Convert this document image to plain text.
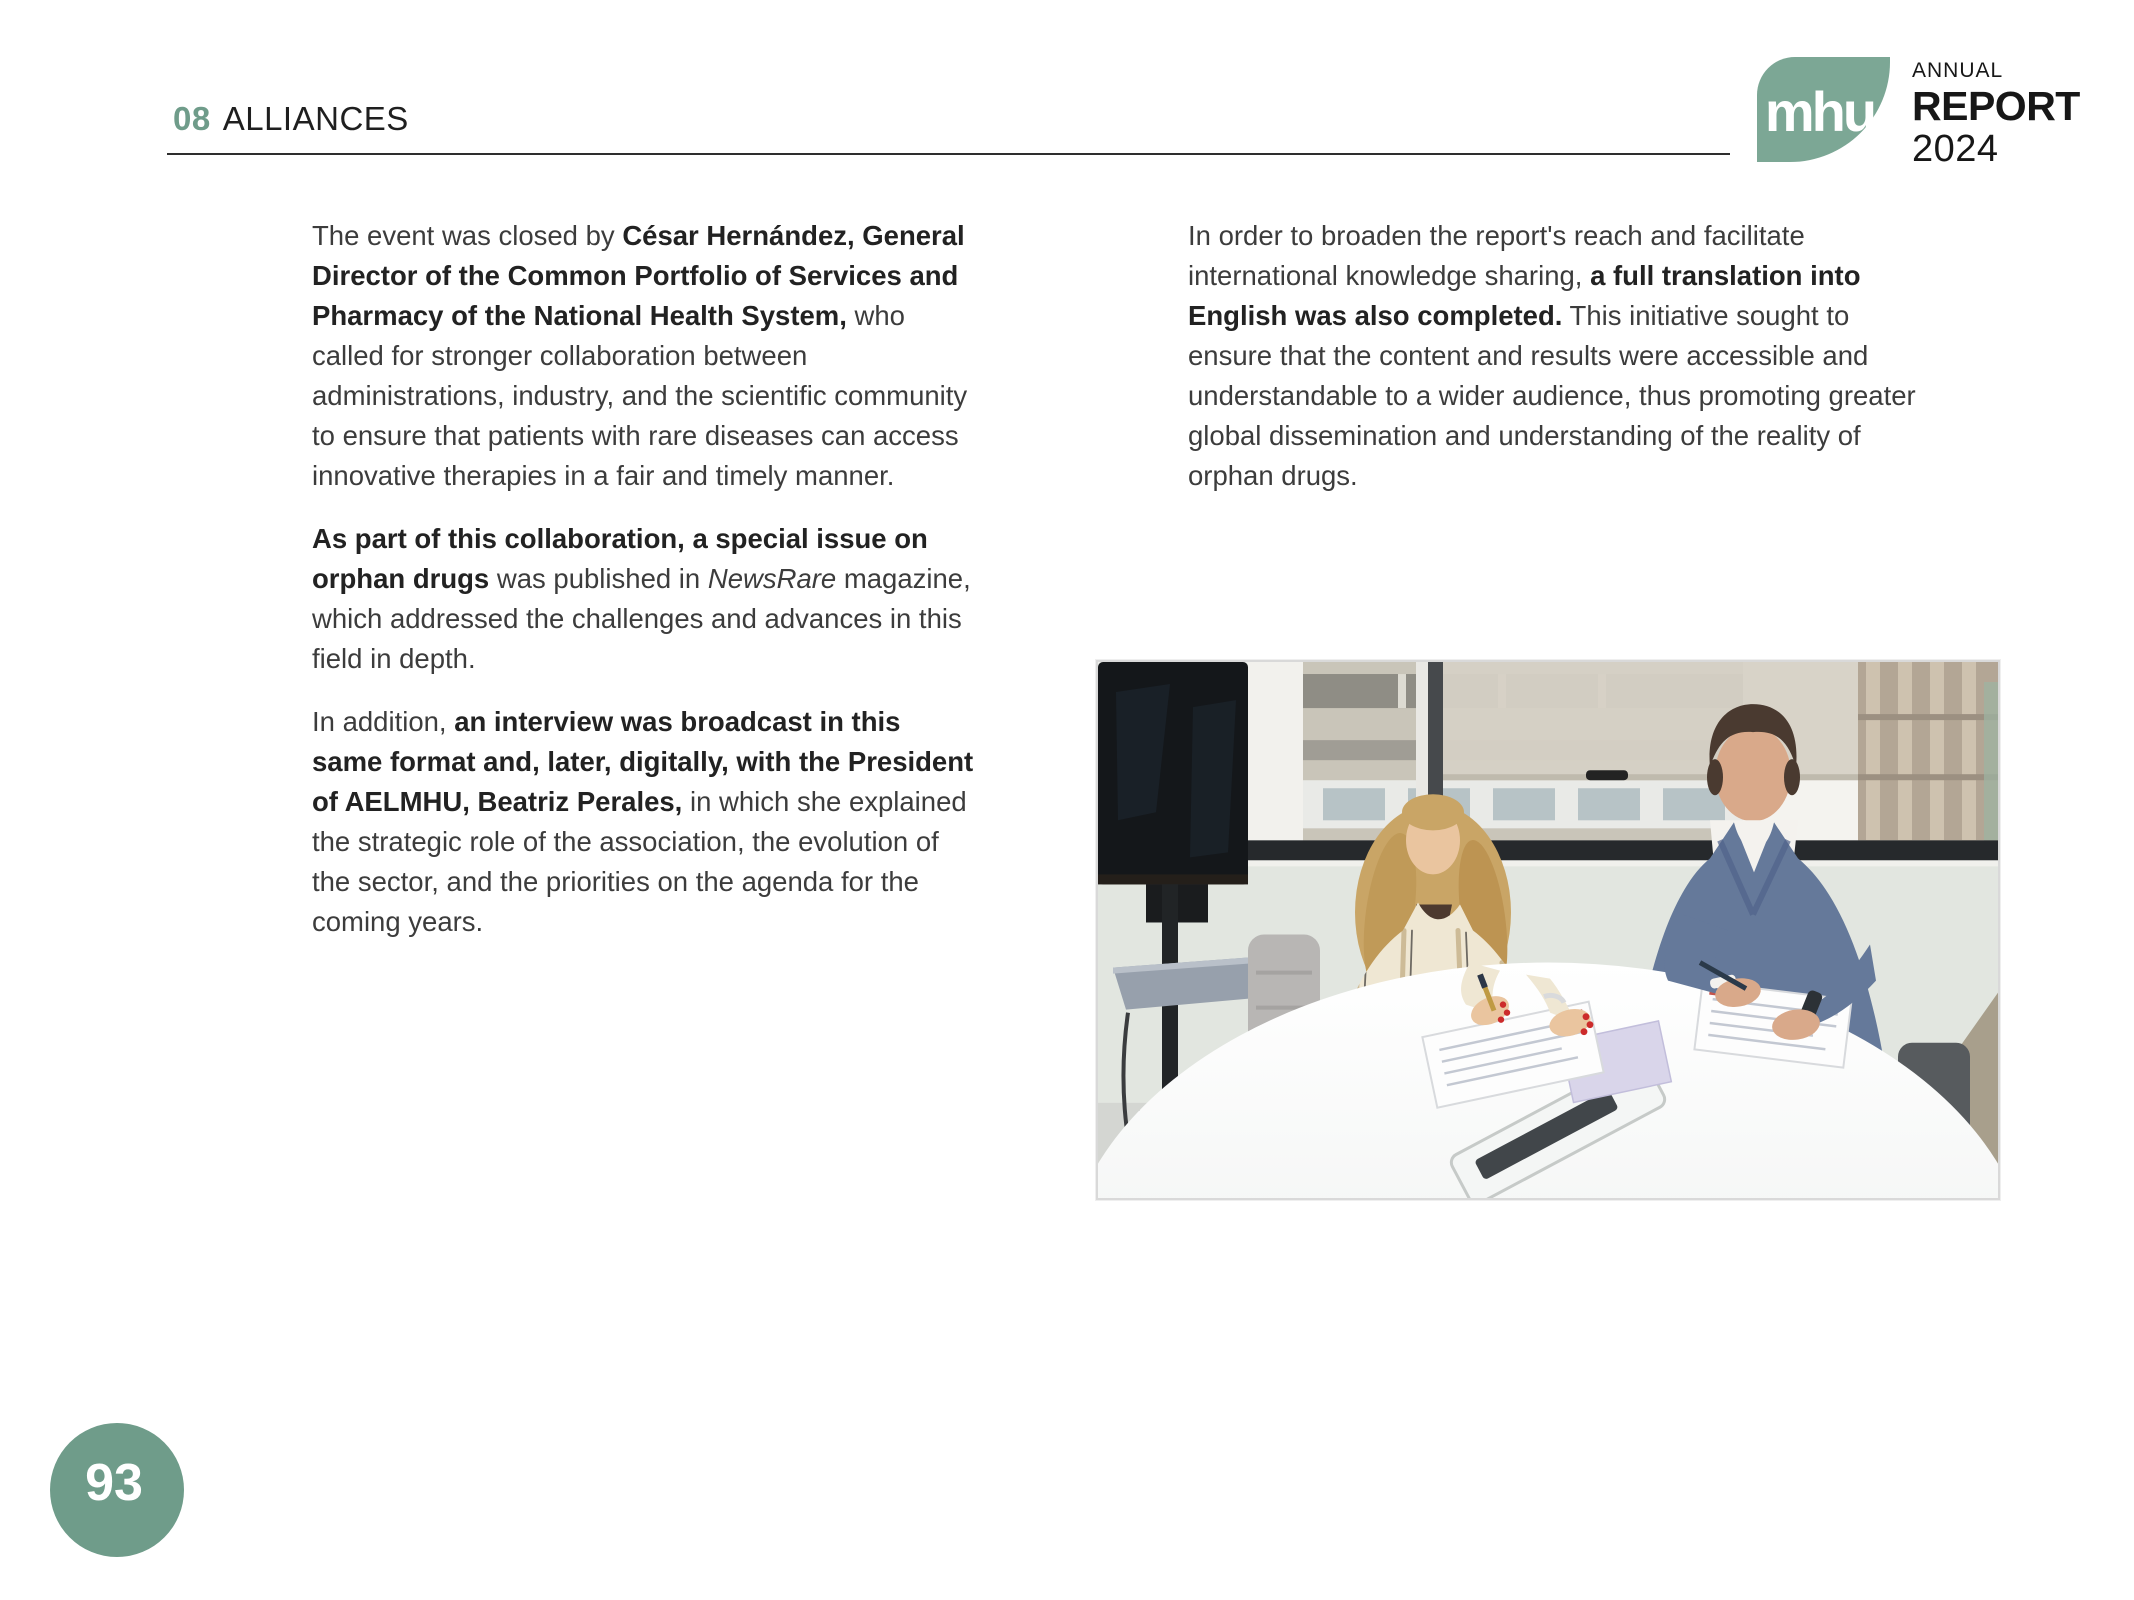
08 ALLIANCES	mhu
ANNUAL
REPORT
2024

The event was closed by César Hernández, General Director of the Common Portfolio of Services and Pharmacy of the National Health System, who called for stronger collaboration between administrations, industry, and the scientific community to ensure that patients with rare diseases can access innovative therapies in a fair and timely manner.

As part of this collaboration, a special issue on orphan drugs was published in NewsRare magazine, which addressed the challenges and advances in this field in depth.

In addition, an interview was broadcast in this same format and, later, digitally, with the President of AELMHU, Beatriz Perales, in which she explained the strategic role of the association, the evolution of the sector, and the priorities on the agenda for the coming years.

In order to broaden the report's reach and facilitate international knowledge sharing, a full translation into English was also completed. This initiative sought to ensure that the content and results were accessible and understandable to a wider audience, thus promoting greater global dissemination and understanding of the reality of orphan drugs.

93
